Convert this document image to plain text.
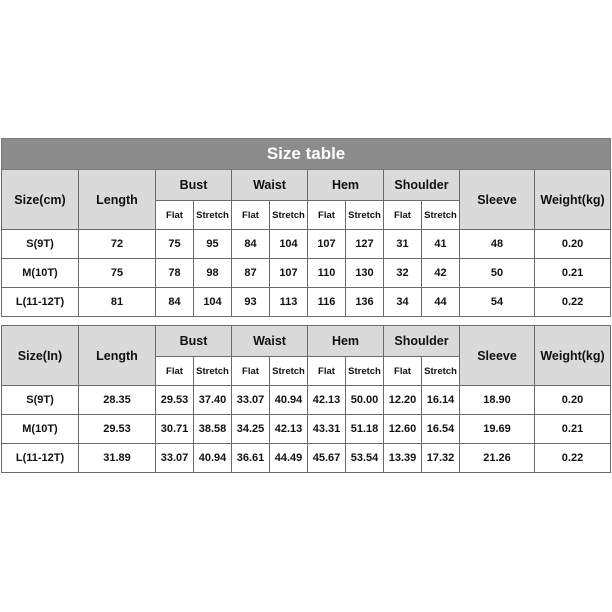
Size table											
Size(cm)	Length	Bust		Waist		Hem		Shoulder		Sleeve	Weight(kg)
		Flat	Stretch	Flat	Stretch	Flat	Stretch	Flat	Stretch		
S(9T)	72	75	95	84	104	107	127	31	41	48	0.20
M(10T)	75	78	98	87	107	110	130	32	42	50	0.21
L(11-12T)	81	84	104	93	113	116	136	34	44	54	0.22
Size(In)	Length	Bust		Waist		Hem		Shoulder		Sleeve	Weight(kg)
		Flat	Stretch	Flat	Stretch	Flat	Stretch	Flat	Stretch		
S(9T)	28.35	29.53	37.40	33.07	40.94	42.13	50.00	12.20	16.14	18.90	0.20
M(10T)	29.53	30.71	38.58	34.25	42.13	43.31	51.18	12.60	16.54	19.69	0.21
L(11-12T)	31.89	33.07	40.94	36.61	44.49	45.67	53.54	13.39	17.32	21.26	0.22
